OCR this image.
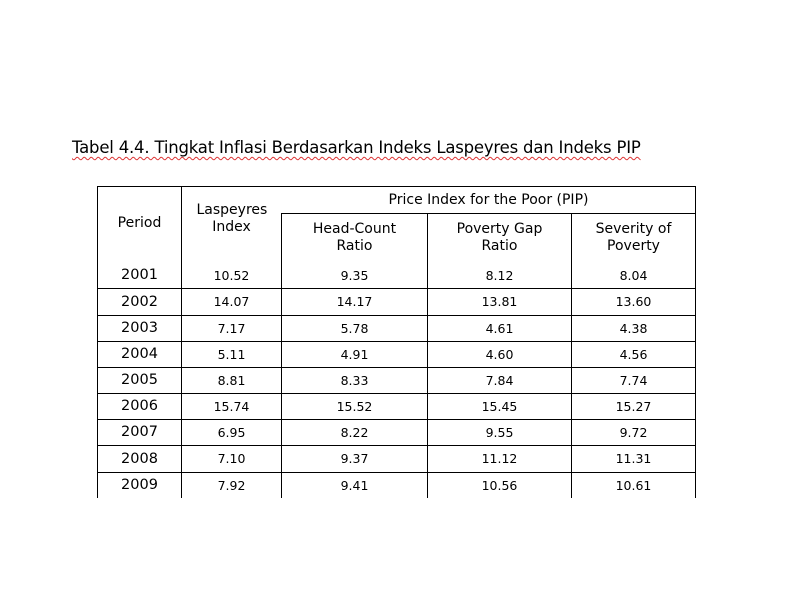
Tabel 4.4. Tingkat Inflasi Berdasarkan Indeks Laspeyres dan Indeks PIP
Period
Laspeyres Index
Price Index for the Poor (PIP)
Head-Count Ratio
Poverty Gap Ratio
Severity of Poverty
2001	10.52	9.35	8.12	8.04
2002	14.07	14.17	13.81	13.60
2003	7.17	5.78	4.61	4.38
2004	5.11	4.91	4.60	4.56
2005	8.81	8.33	7.84	7.74
2006	15.74	15.52	15.45	15.27
2007	6.95	8.22	9.55	9.72
2008	7.10	9.37	11.12	11.31
2009	7.92	9.41	10.56	10.61
